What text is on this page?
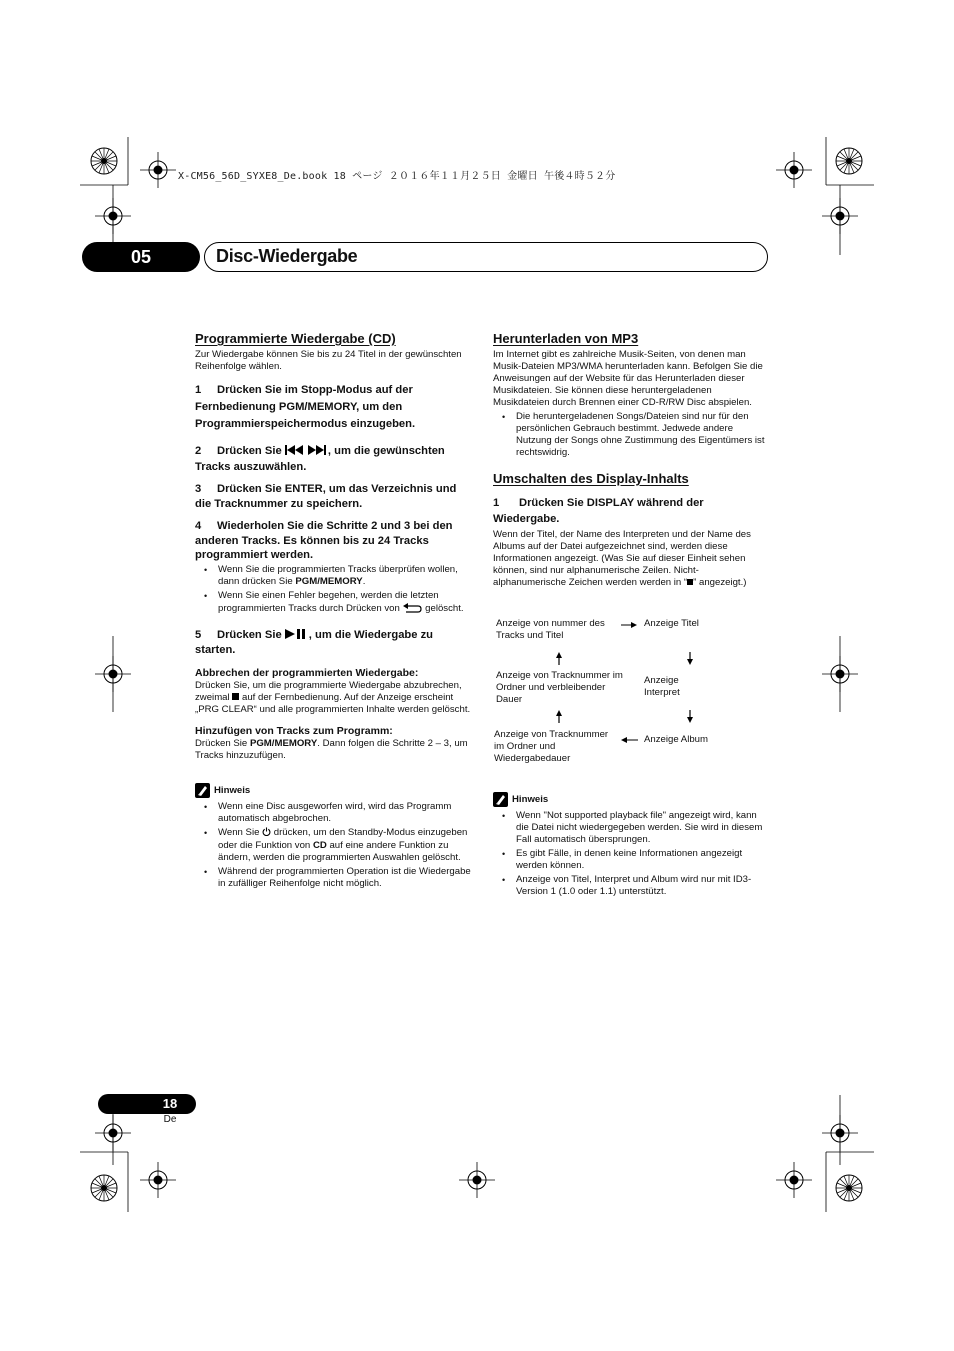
X-CM56_56D_SYXE8_De.book 18 ページ ２０１６年１１月２５日 金曜日 午後４時５２分
05	Disc-Wiedergabe
Programmierte Wiedergabe (CD)

Zur Wiedergabe können Sie bis zu 24 Titel in der gewünschten Reihenfolge wählen.

1 Drücken Sie im Stopp-Modus auf der Fernbedienung PGM/MEMORY, um den Programmierspeichermodus einzugeben.
2 Drücken Sie	, um die gewünschten Tracks auszuwählen.
3 Drücken Sie ENTER, um das Verzeichnis und die Tracknummer zu speichern.
4 Wiederholen Sie die Schritte 2 und 3 bei den anderen Tracks. Es können bis zu 24 Tracks programmiert werden.
• Wenn Sie die programmierten Tracks überprüfen wollen, dann drücken Sie PGM/MEMORY.
• Wenn Sie einen Fehler begehen, werden die letzten programmierten Tracks durch Drücken von	gelöscht.
5 Drücken Sie , um die Wiedergabe zu starten.
Abbrechen der programmierten Wiedergabe:

Drücken Sie, um die programmierte Wiedergabe abzubrechen, zweimal auf der Fernbedienung. Auf der Anzeige erscheint „PRG CLEAR“ und alle programmierten Inhalte werden gelöscht.

Hinzufügen von Tracks zum Programm:

Drücken Sie PGM/MEMORY. Dann folgen die Schritte 2 – 3, um Tracks hinzuzufügen.

Hinweis
• Wenn eine Disc ausgeworfen wird, wird das Programm automatisch abgebrochen.
• Wenn Sie drücken, um den Standby-Modus einzugeben oder die Funktion von CD auf eine andere Funktion zu ändern, werden die programmierten Auswahlen gelöscht.
• Während der programmierten Operation ist die Wiedergabe in zufälliger Reihenfolge nicht möglich.
Herunterladen von MP3

Im Internet gibt es zahlreiche Musik-Seiten, von denen man Musik-Dateien MP3/WMA herunterladen kann. Befolgen Sie die Anweisungen auf der Website für das Herunterladen dieser Musikdateien. Sie können diese heruntergeladenen Musikdateien durch Brennen einer CD-R/RW Disc abspielen.

• Die heruntergeladenen Songs/Dateien sind nur für den persönlichen Gebrauch bestimmt. Jedwede andere Nutzung der Songs ohne Zustimmung des Eigentümers ist rechtswidrig.
Umschalten des Display-Inhalts
1 Drücken Sie DISPLAY während der Wiedergabe.

Wenn der Titel, der Name des Interpreten und der Name des Albums auf der Datei aufgezeichnet sind, werden diese Informationen angezeigt. (Was Sie auf dieser Einheit sehen können, sind nur alphanumerische Zeilen. Nicht-alphanumerische Zeichen werden werden in “ ” angezeigt.)

Anzeige von nummer des Tracks und Titel
Anzeige Titel
Anzeige von Tracknummer im Ordner und verbleibender Dauer
Anzeige Interpret
Anzeige von Tracknummer im Ordner und Wiedergabedauer
Anzeige Album
Hinweis
• Wenn "Not supported playback file" angezeigt wird, kann die Datei nicht wiedergegeben werden. Sie wird in diesem Fall automatisch übersprungen.
• Es gibt Fälle, in denen keine Informationen angezeigt werden können.
• Anzeige von Titel, Interpret und Album wird nur mit ID3-Version 1 (1.0 oder 1.1) unterstützt.
18
De
